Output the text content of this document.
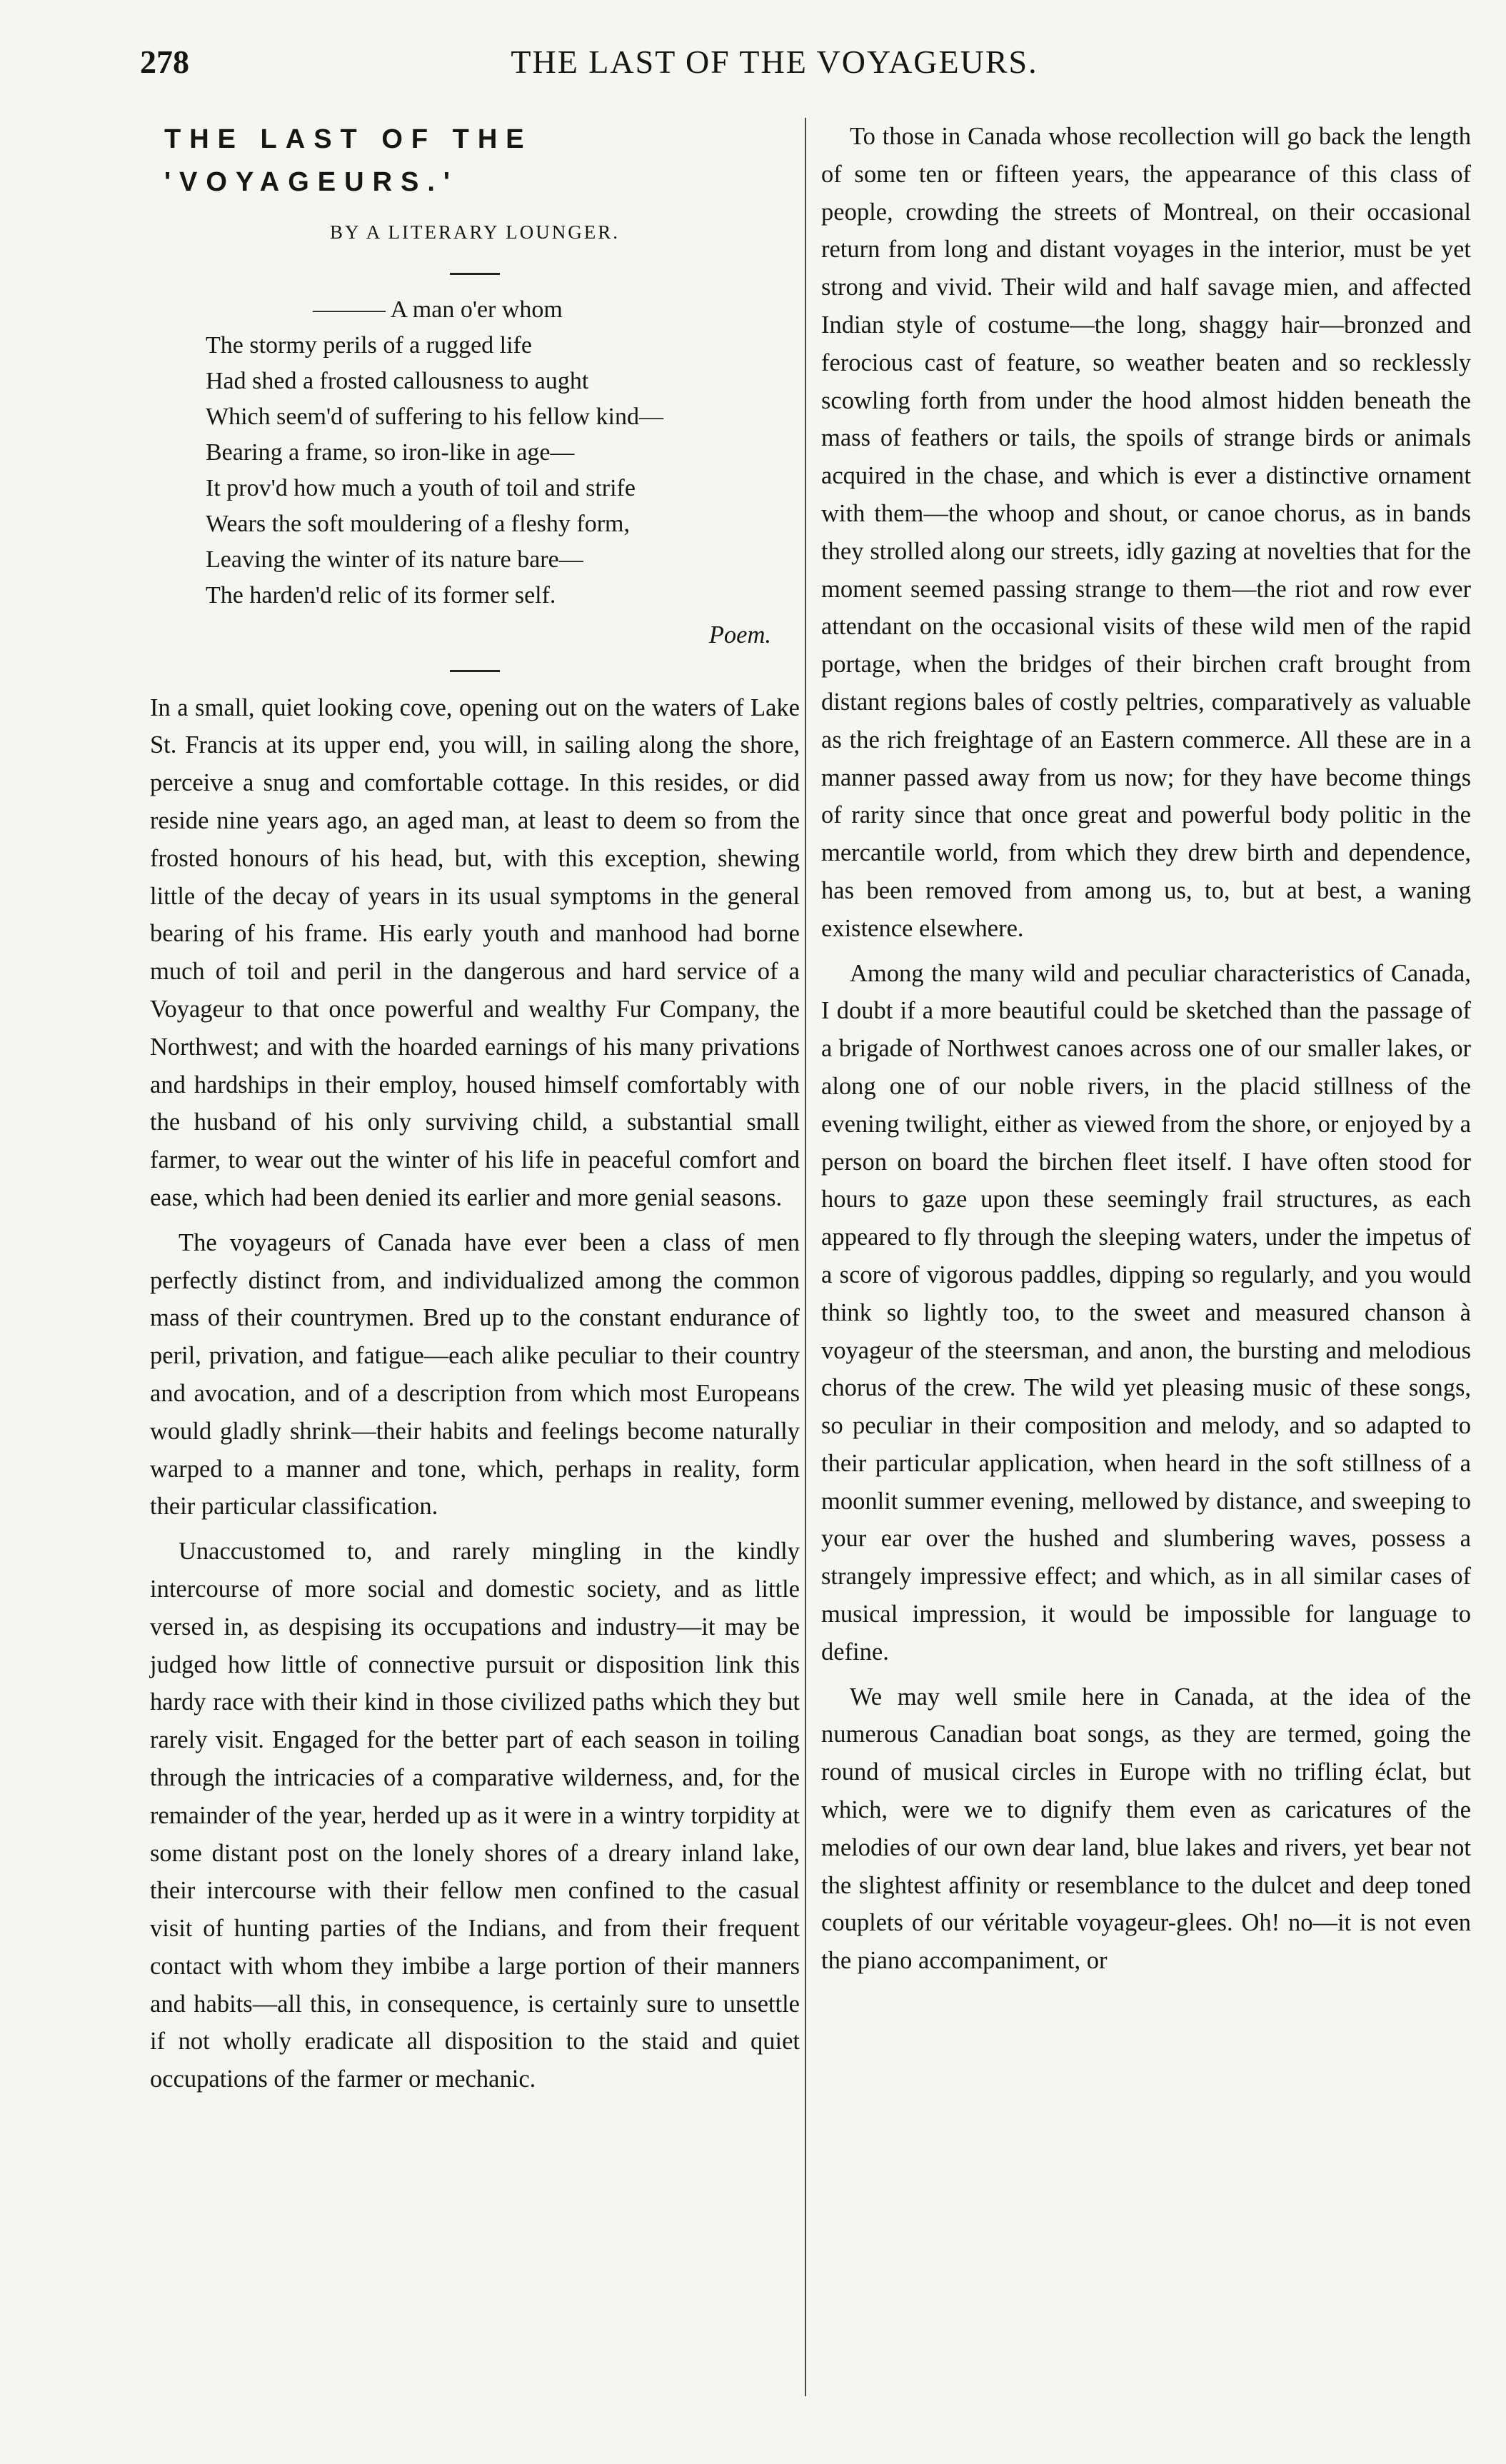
278	THE LAST OF THE VOYAGEURS.
THE LAST OF THE 'VOYAGEURS.'
BY A LITERARY LOUNGER.
——— A man o'er whom
The stormy perils of a rugged life
Had shed a frosted callousness to aught
Which seem'd of suffering to his fellow kind—
Bearing a frame, so iron-like in age—
It prov'd how much a youth of toil and strife
Wears the soft mouldering of a fleshy form,
Leaving the winter of its nature bare—
The harden'd relic of its former self.
Poem.

In a small, quiet looking cove, opening out on the waters of Lake St. Francis at its upper end, you will, in sailing along the shore, perceive a snug and comfortable cottage. In this resides, or did reside nine years ago, an aged man, at least to deem so from the frosted honours of his head, but, with this exception, shewing little of the decay of years in its usual symptoms in the general bearing of his frame. His early youth and manhood had borne much of toil and peril in the dangerous and hard service of a Voyageur to that once powerful and wealthy Fur Company, the Northwest; and with the hoarded earnings of his many privations and hardships in their employ, housed himself comfortably with the husband of his only surviving child, a substantial small farmer, to wear out the winter of his life in peaceful comfort and ease, which had been denied its earlier and more genial seasons.

The voyageurs of Canada have ever been a class of men perfectly distinct from, and individualized among the common mass of their countrymen. Bred up to the constant endurance of peril, privation, and fatigue—each alike peculiar to their country and avocation, and of a description from which most Europeans would gladly shrink—their habits and feelings become naturally warped to a manner and tone, which, perhaps in reality, form their particular classification.

Unaccustomed to, and rarely mingling in the kindly intercourse of more social and domestic society, and as little versed in, as despising its occupations and industry—it may be judged how little of connective pursuit or disposition link this hardy race with their kind in those civilized paths which they but rarely visit. Engaged for the better part of each season in toiling through the intricacies of a comparative wilderness, and, for the remainder of the year, herded up as it were in a wintry torpidity at some distant post on the lonely shores of a dreary inland lake, their intercourse with their fellow men confined to the casual visit of hunting parties of the Indians, and from their frequent contact with whom they imbibe a large portion of their manners and habits—all this, in consequence, is certainly sure to unsettle if not wholly eradicate all disposition to the staid and quiet occupations of the farmer or mechanic.

To those in Canada whose recollection will go back the length of some ten or fifteen years, the appearance of this class of people, crowding the streets of Montreal, on their occasional return from long and distant voyages in the interior, must be yet strong and vivid. Their wild and half savage mien, and affected Indian style of costume—the long, shaggy hair—bronzed and ferocious cast of feature, so weather beaten and so recklessly scowling forth from under the hood almost hidden beneath the mass of feathers or tails, the spoils of strange birds or animals acquired in the chase, and which is ever a distinctive ornament with them—the whoop and shout, or canoe chorus, as in bands they strolled along our streets, idly gazing at novelties that for the moment seemed passing strange to them—the riot and row ever attendant on the occasional visits of these wild men of the rapid portage, when the bridges of their birchen craft brought from distant regions bales of costly peltries, comparatively as valuable as the rich freightage of an Eastern commerce. All these are in a manner passed away from us now; for they have become things of rarity since that once great and powerful body politic in the mercantile world, from which they drew birth and dependence, has been removed from among us, to, but at best, a waning existence elsewhere.

Among the many wild and peculiar characteristics of Canada, I doubt if a more beautiful could be sketched than the passage of a brigade of Northwest canoes across one of our smaller lakes, or along one of our noble rivers, in the placid stillness of the evening twilight, either as viewed from the shore, or enjoyed by a person on board the birchen fleet itself. I have often stood for hours to gaze upon these seemingly frail structures, as each appeared to fly through the sleeping waters, under the impetus of a score of vigorous paddles, dipping so regularly, and you would think so lightly too, to the sweet and measured chanson à voyageur of the steersman, and anon, the bursting and melodious chorus of the crew. The wild yet pleasing music of these songs, so peculiar in their composition and melody, and so adapted to their particular application, when heard in the soft stillness of a moonlit summer evening, mellowed by distance, and sweeping to your ear over the hushed and slumbering waves, possess a strangely impressive effect; and which, as in all similar cases of musical impression, it would be impossible for language to define.

We may well smile here in Canada, at the idea of the numerous Canadian boat songs, as they are termed, going the round of musical circles in Europe with no trifling éclat, but which, were we to dignify them even as caricatures of the melodies of our own dear land, blue lakes and rivers, yet bear not the slightest affinity or resemblance to the dulcet and deep toned couplets of our véritable voyageur-glees. Oh! no—it is not even the piano accompaniment, or
